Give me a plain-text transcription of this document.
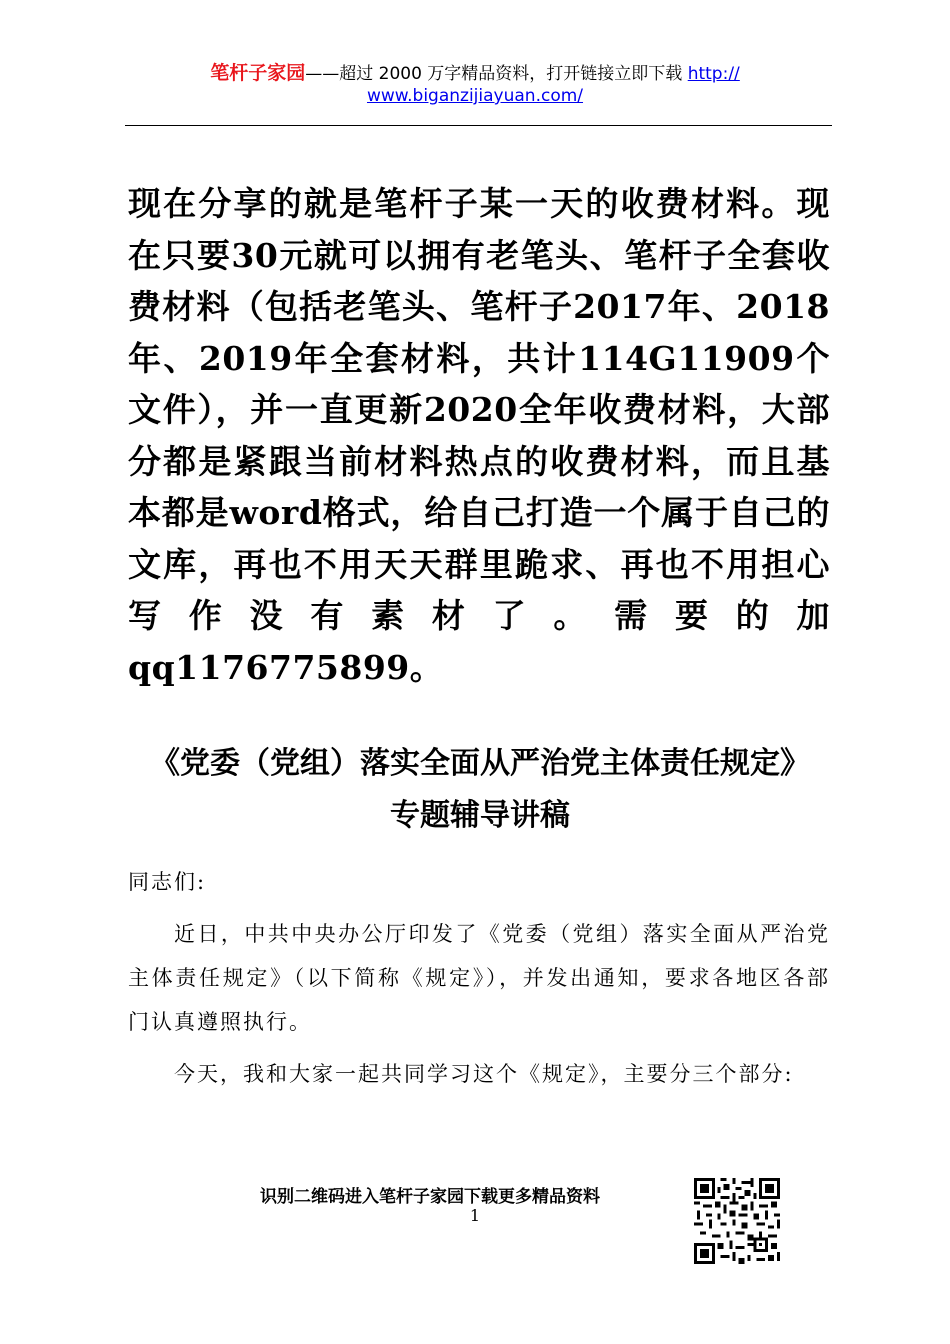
笔杆子家园——超过 2000 万字精品资料，打开链接立即下载 http://
www.biganzijiayuan.com/
现在分享的就是笔杆子某一天的收费材料。现在只要30元就可以拥有老笔头、笔杆子全套收费材料（包括老笔头、笔杆子2017年、2018年、2019年全套材料，共计114G11909个文件），并一直更新2020全年收费材料，大部分都是紧跟当前材料热点的收费材料，而且基本都是word格式，给自己打造一个属于自己的文库，再也不用天天群里跪求、再也不用担心写作没有素材了。需要的加qq1176775899。
《党委（党组）落实全面从严治党主体责任规定》
专题辅导讲稿

同志们:

近日，中共中央办公厅印发了《党委（党组）落实全面从严治党主体责任规定》（以下简称《规定》），并发出通知，要求各地区各部门认真遵照执行。

今天，我和大家一起共同学习这个《规定》，主要分三个部分:

识别二维码进入笔杆子家园下载更多精品资料
1
